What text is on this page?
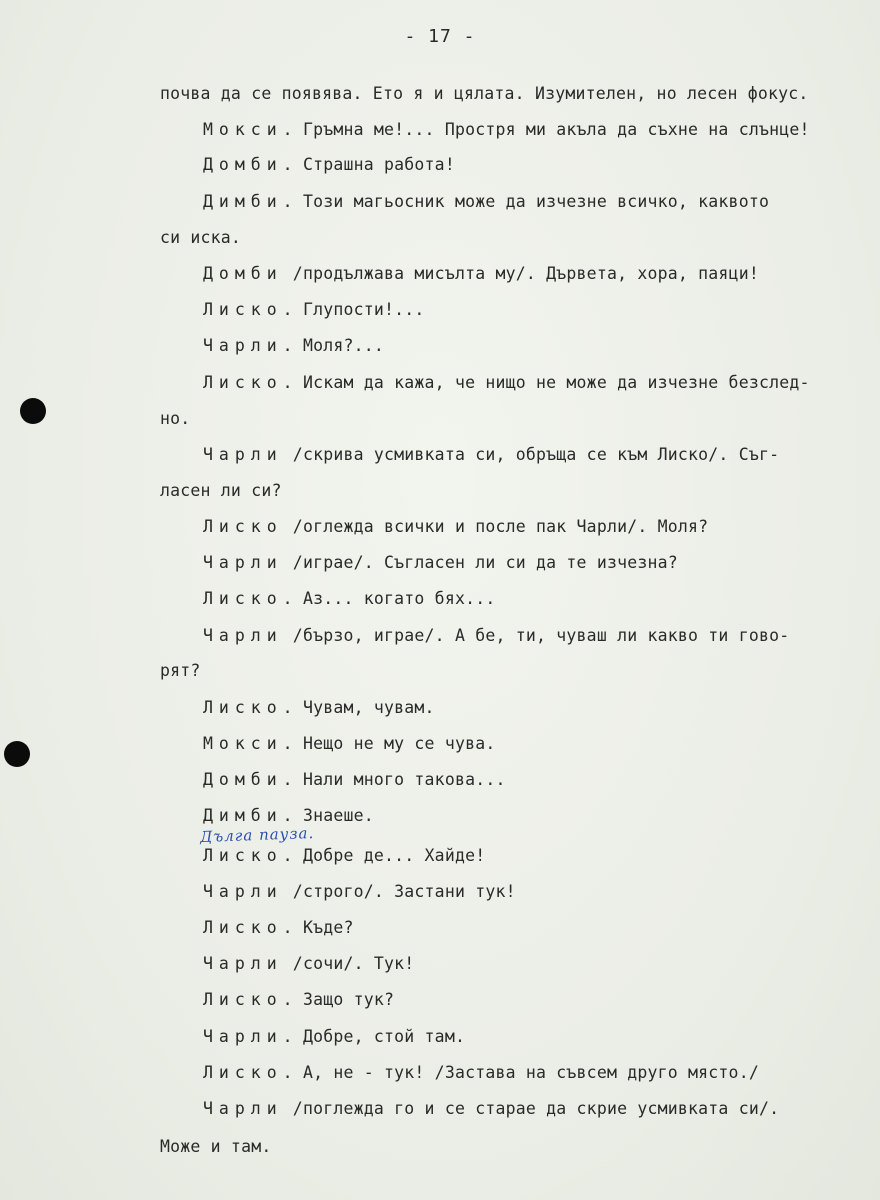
- 17 -
Дълга пауза.
почва да се появява. Ето я и цялата. Изумителен, но лесен фокус.
Мокси. Гръмна ме!... Простря ми акъла да съхне на слънце!
Домби. Страшна работа!
Димби. Този магьосник може да изчезне всичко, каквото
си иска.
Домби /продължава мисълта му/. Дървета, хора, паяци!
Лиско. Глупости!...
Чарли. Моля?...
Лиско. Искам да кажа, че нищо не може да изчезне безслед-
но.
Чарли /скрива усмивката си, обръща се към Лиско/. Съг-
ласен ли си?
Лиско /оглежда всички и после пак Чарли/. Моля?
Чарли /играе/. Съгласен ли си да те изчезна?
Лиско. Аз... когато бях...
Чарли /бързо, играе/. А бе, ти, чуваш ли какво ти гово-
рят?
Лиско. Чувам, чувам.
Мокси. Нещо не му се чува.
Домби. Нали много такова...
Димби. Знаеше.
Лиско. Добре де... Хайде!
Чарли /строго/. Застани тук!
Лиско. Къде?
Чарли /сочи/. Тук!
Лиско. Защо тук?
Чарли. Добре, стой там.
Лиско. А, не - тук! /Застава на съвсем друго място./
Чарли /поглежда го и се старае да скрие усмивката си/.
Може и там.
